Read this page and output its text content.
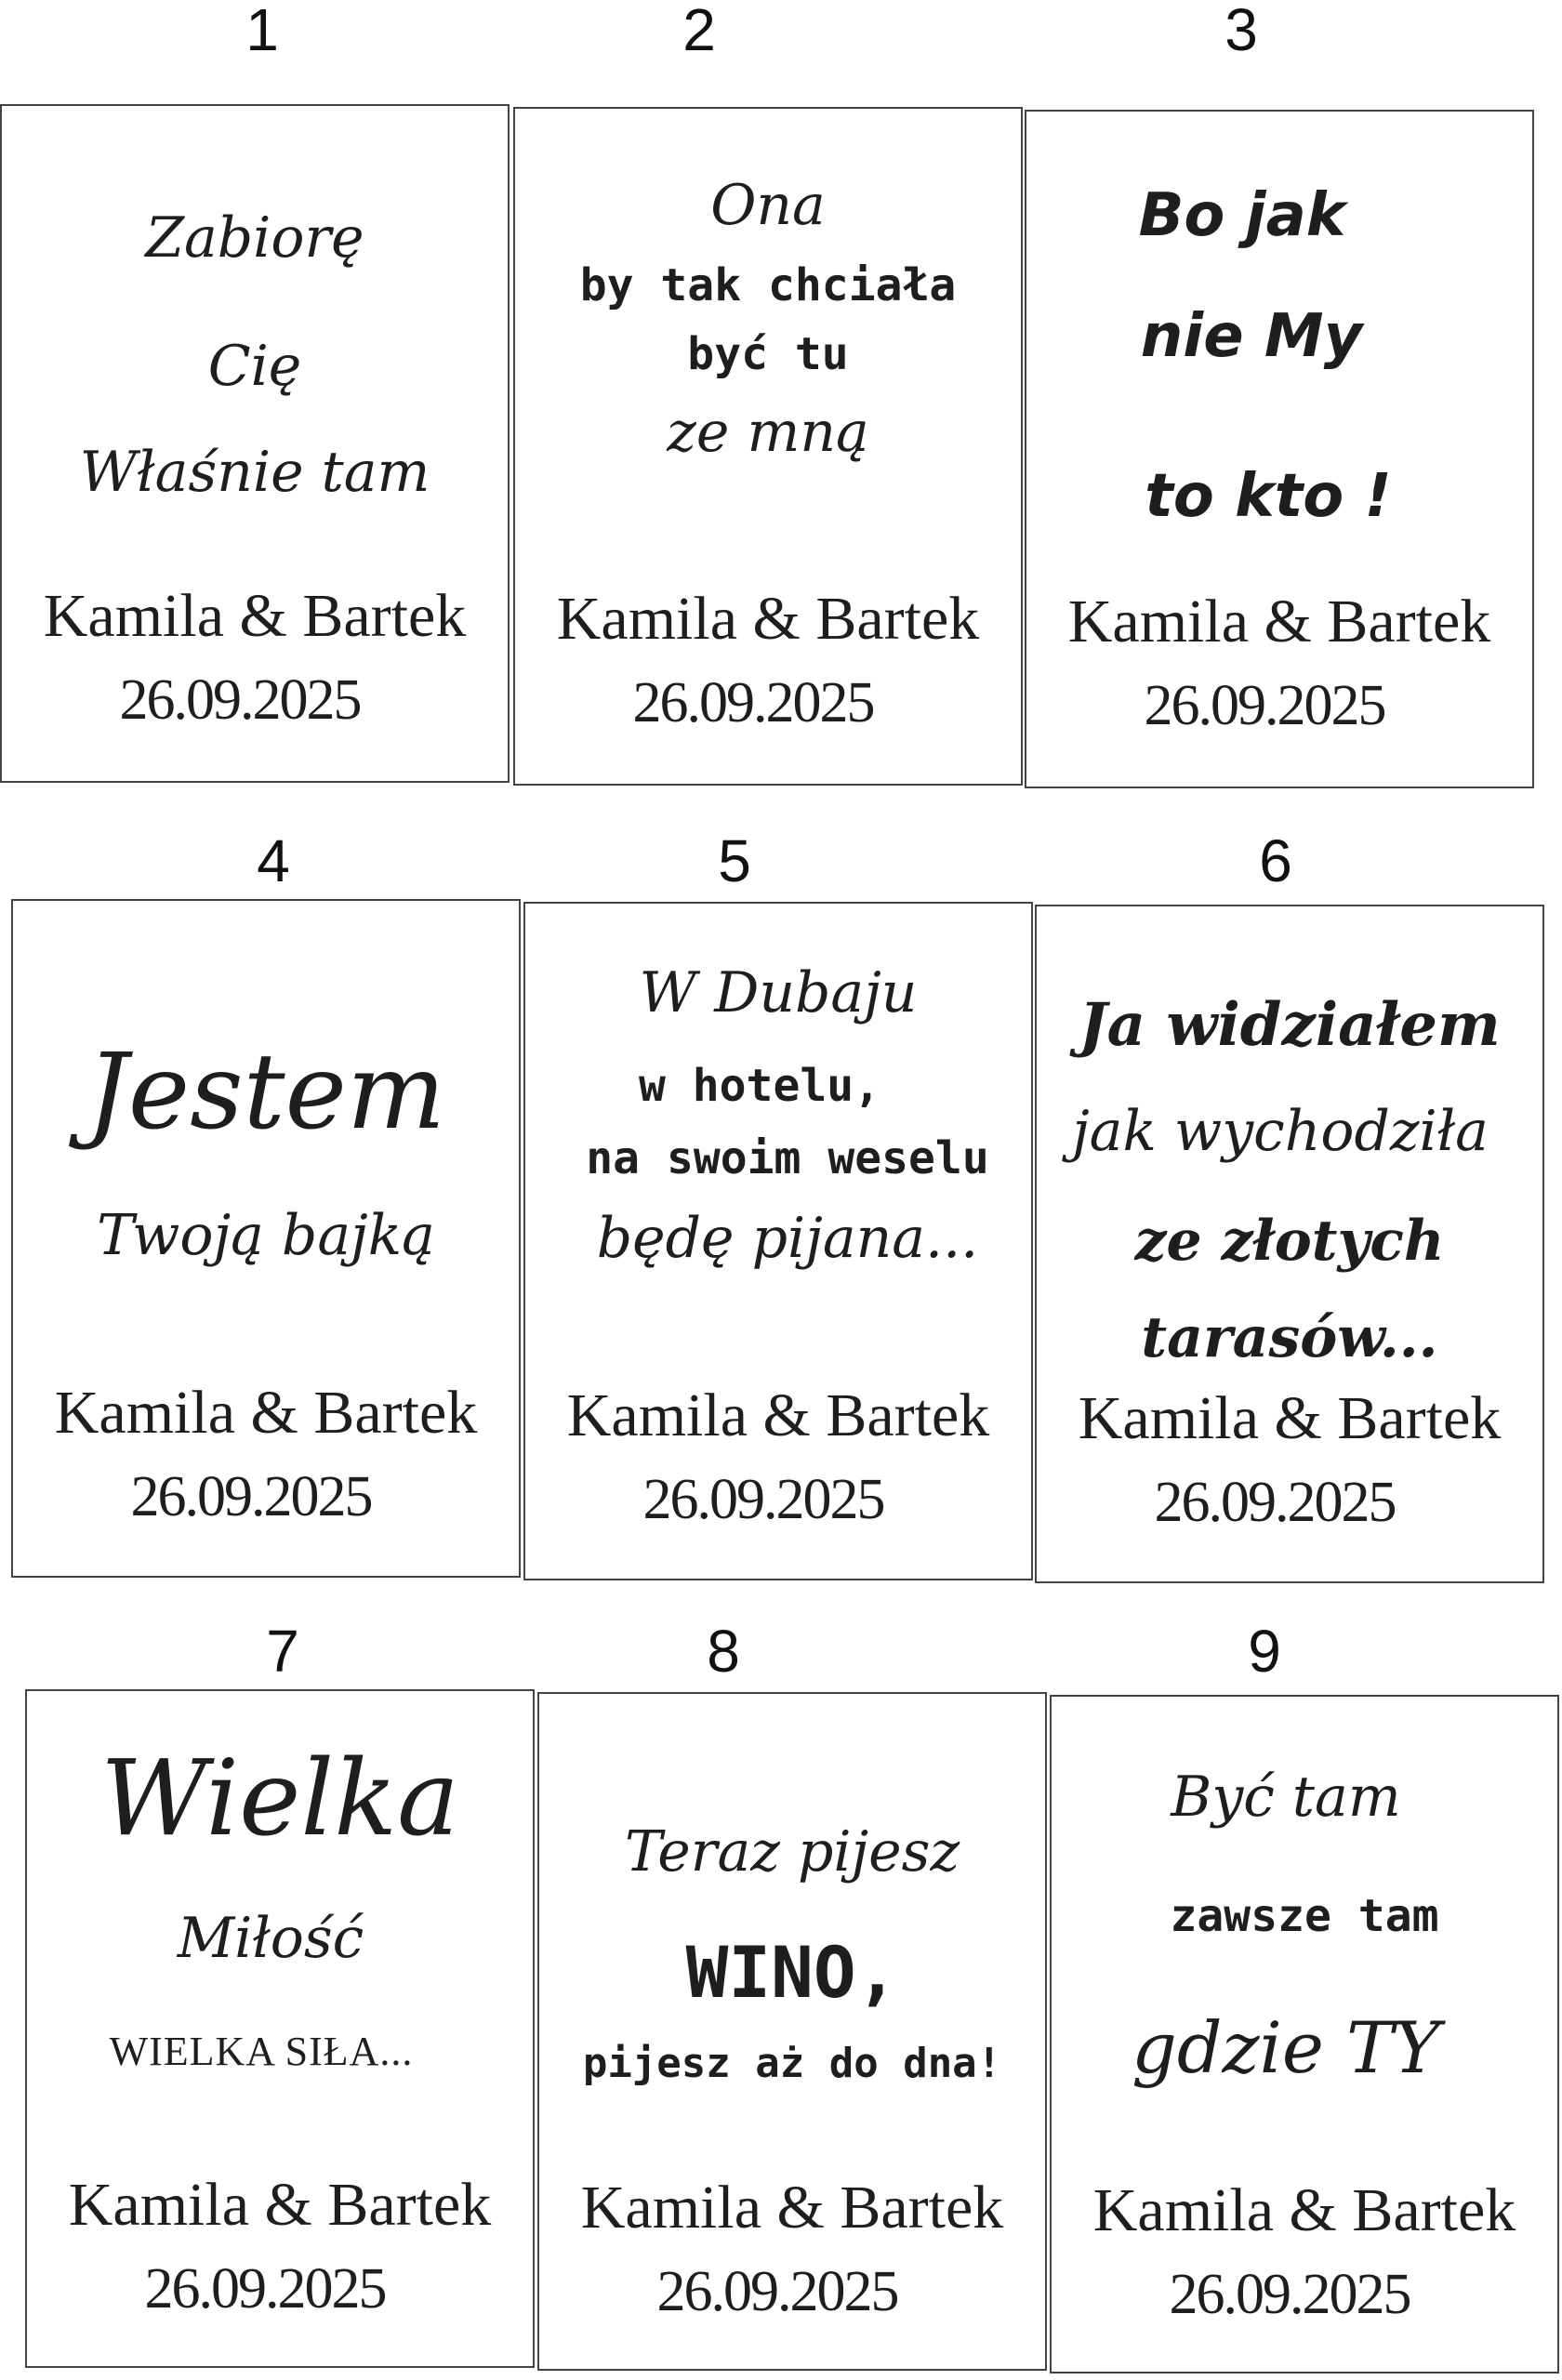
1
Zabiorę
Cię
Właśnie tam
Kamila & Bartek
26.09.2025
2
Ona
by tak chciała
być tu
ze mną
Kamila & Bartek
26.09.2025
3
Bo jak
nie My
to kto !
Kamila & Bartek
26.09.2025
4
Jestem
Twoją bajką
Kamila & Bartek
26.09.2025
5
W Dubaju
w hotelu,
na swoim weselu
będę pijana...
Kamila & Bartek
26.09.2025
6
Ja widziałem
jak wychodziła
ze złotych
tarasów...
Kamila & Bartek
26.09.2025
7
Wielka
Miłość
WIELKA SIŁA...
Kamila & Bartek
26.09.2025
8
Teraz pijesz
WINO,
pijesz aż do dna!
Kamila & Bartek
26.09.2025
9
Być tam
zawsze tam
gdzie TY
Kamila & Bartek
26.09.2025
